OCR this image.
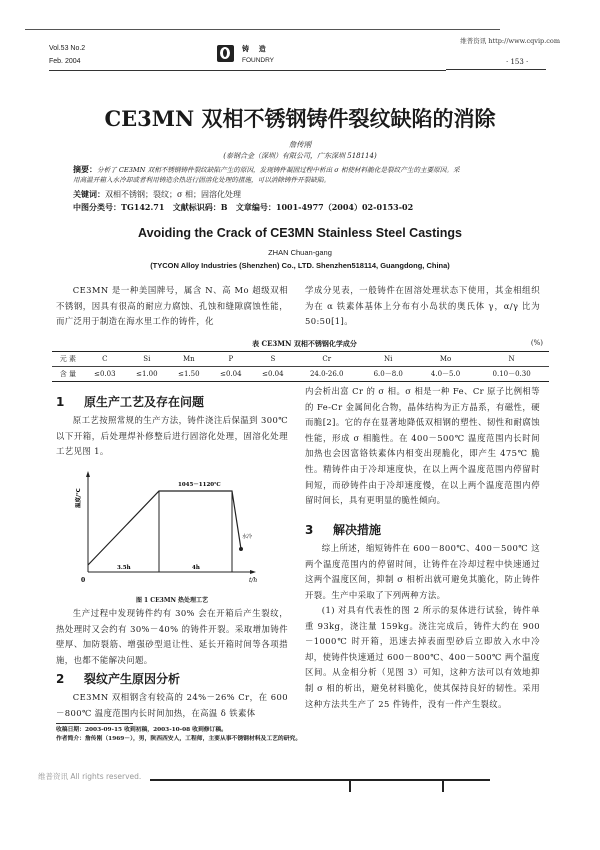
维普资讯 http://www.cqvip.com
Vol.53 No.2
Feb. 2004
铸    造
FOUNDRY	· 153 ·
CE3MN 双相不锈钢铸件裂纹缺陷的消除
詹传刚
(泰钢合金（深圳）有限公司，广东深圳 518114)
摘要：分析了 CE3MN 双相不锈钢铸件裂纹缺陷产生的原因，发现铸件凝固过程中析出 σ 相使材料脆化是裂纹产生的主要原因。采用高温开箱入水冷却或者利用铸造余热进行固溶化处理的措施，可以消除铸件开裂缺陷。
关键词：双相不锈钢；裂纹；σ 相；固溶化处理
中图分类号：TG142.71   文献标识码：B   文章编号：1001-4977（2004）02-0153-02
Avoiding the Crack of CE3MN Stainless Steel Castings
ZHAN Chuan-gang
(TYCON Alloy Industries (Shenzhen) Co., LTD. Shenzhen518114, Guangdong, China)
CE3MN 是一种美国牌号，属含 N、高 Mo 超级双相不锈钢，因具有很高的耐应力腐蚀、孔蚀和缝隙腐蚀性能，而广泛用于制造在海水里工作的铸件，化
学成分见表，一般铸件在固溶处理状态下使用，其金相组织为在 α 铁素体基体上分布有小岛状的奥氏体 γ，α/γ 比为 50:50[1]。
表 CE3MN 双相不锈钢化学成分	(%)
元 素	C	Si	Mn	P	S	Cr	Ni	Mo	N
含 量	≤0.03	≤1.00	≤1.50	≤0.04	≤0.04	24.0-26.0	6.0－8.0	4.0－5.0	0.10－0.30
1 原生产工艺及存在问题
原工艺按照常规的生产方法，铸件浇注后保温到 300℃ 以下开箱，后处理焊补修整后进行固溶化处理，固溶化处理工艺见图 1。
温度/℃
0	t/h
1045－1120℃
水冷
3.5h	4h
图 1 CE3MN 热处理工艺
生产过程中发现铸件约有 30% 会在开箱后产生裂纹，热处理时又会约有 30%－40% 的铸件开裂。采取增加铸件壁厚、加防裂筋、增强砂型退让性、延长开箱时间等各项措施，也都不能解决问题。
2 裂纹产生原因分析
CE3MN 双相钢含有较高的 24%－26% Cr，在 600－800℃ 温度范围内长时间加热，在高温 δ 铁素体
收稿日期：2003-09-15 收到初稿，2003-10-08 收到修订稿。
作者简介：詹传刚（1969－），男，陕西西安人，工程师，主要从事不锈钢材料及工艺的研究。
内会析出富 Cr 的 σ 相。σ 相是一种 Fe、Cr 原子比例相等的 Fe-Cr 金属间化合物，晶体结构为正方晶系，有磁性，硬而脆[2]。它的存在显著地降低双相钢的塑性、韧性和耐腐蚀性能，形成 σ 相脆性。在 400－500℃ 温度范围内长时间加热也会因富铬铁素体内相变出现脆化，即产生 475℃ 脆性。精铸件由于冷却速度快，在以上两个温度范围内停留时间短，而砂铸件由于冷却速度慢，在以上两个温度范围内停留时间长，具有更明显的脆性倾向。
3 解决措施
综上所述，缩短铸件在 600－800℃、400－500℃ 这两个温度范围内的停留时间，让铸件在冷却过程中快速通过这两个温度区间，抑制 σ 相析出就可避免其脆化，防止铸件开裂。生产中采取了下列两种方法。
(1) 对具有代表性的图 2 所示的泵体进行试验，铸件单重 93kg，浇注量 159kg。浇注完成后，铸件大约在 900－1000℃ 时开箱，迅速去掉表面型砂后立即放入水中冷却，使铸件快速通过 600－800℃、400－500℃ 两个温度区间。从金相分析（见图 3）可知，这种方法可以有效地抑制 σ 相的析出，避免材料脆化，使其保持良好的韧性。采用这种方法共生产了 25 件铸件，没有一件产生裂纹。
维普资讯 All rights reserved.
